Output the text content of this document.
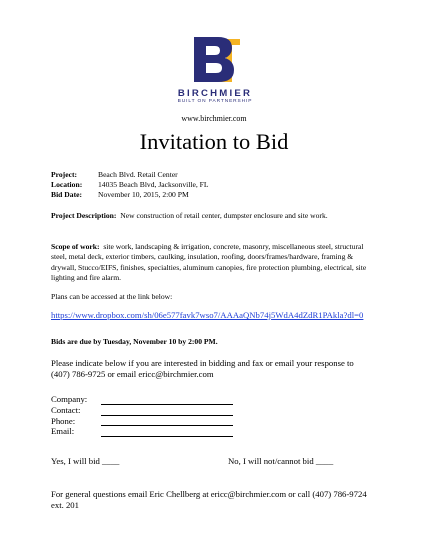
BIRCHMIER
BUILT ON PARTNERSHIP
www.birchmier.com
Invitation to Bid
Project:	Beach Blvd. Retail Center
Location:	14035 Beach Blvd, Jacksonville, FL
Bid Date:	November 10, 2015, 2:00 PM
Project Description: New construction of retail center, dumpster enclosure and site work.
Scope of work: site work, landscaping & irrigation, concrete, masonry, miscellaneous steel, structural steel, metal deck, exterior timbers, caulking, insulation, roofing, doors/frames/hardware, framing & drywall, Stucco/EIFS, finishes, specialties, aluminum canopies, fire protection plumbing, electrical, site lighting and fire alarm.
Plans can be accessed at the link below:
https://www.dropbox.com/sh/06e577favk7wso7/AAAaQNb74j5WdA4dZdR1PAkla?dl=0
Bids are due by Tuesday, November 10 by 2:00 PM.
Please indicate below if you are interested in bidding and fax or email your response to (407) 786-9725 or email ericc@birchmier.com
Company:
Contact:
Phone:
Email:
Yes, I will bid ____	No, I will not/cannot bid ____
For general questions email Eric Chellberg at ericc@birchmier.com or call (407) 786-9724 ext. 201
